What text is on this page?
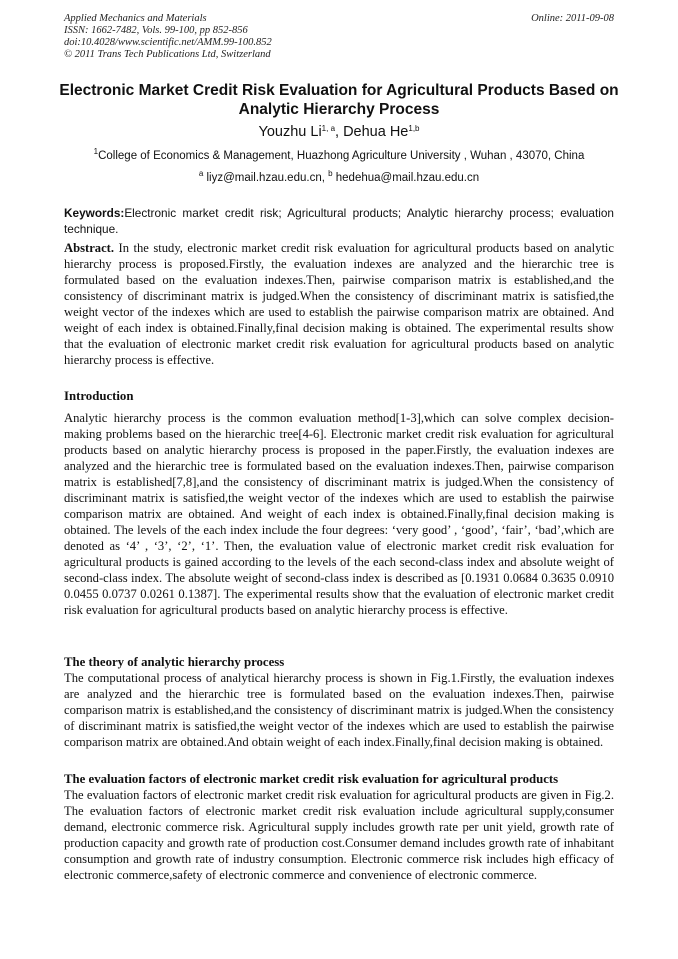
Applied Mechanics and Materials
ISSN: 1662-7482, Vols. 99-100, pp 852-856
doi:10.4028/www.scientific.net/AMM.99-100.852
© 2011 Trans Tech Publications Ltd, Switzerland
Online: 2011-09-08
Electronic Market Credit Risk Evaluation for Agricultural Products Based on Analytic Hierarchy Process
Youzhu Li$^{1, a}$, Dehua He$^{1,b}$
$^1$College of Economics & Management, Huazhong Agriculture University , Wuhan , 43070, China
$^a$ liyz@mail.hzau.edu.cn, $^b$ hedehua@mail.hzau.edu.cn
Keywords:Electronic market credit risk; Agricultural products; Analytic hierarchy process; evaluation technique.
Abstract. In the study, electronic market credit risk evaluation for agricultural products based on analytic hierarchy process is proposed.Firstly, the evaluation indexes are analyzed and the hierarchic tree is formulated based on the evaluation indexes.Then, pairwise comparison matrix is established,and the consistency of discriminant matrix is judged.When the consistency of discriminant matrix is satisfied,the weight vector of the indexes which are used to establish the pairwise comparison matrix are obtained. And weight of each index is obtained.Finally,final decision making is obtained. The experimental results show that the evaluation of electronic market credit risk evaluation for agricultural products based on analytic hierarchy process is effective.
Introduction
Analytic hierarchy process is the common evaluation method[1-3],which can solve complex decision-making problems based on the hierarchic tree[4-6]. Electronic market credit risk evaluation for agricultural products based on analytic hierarchy process is proposed in the paper.Firstly, the evaluation indexes are analyzed and the hierarchic tree is formulated based on the evaluation indexes.Then, pairwise comparison matrix is established[7,8],and the consistency of discriminant matrix is judged.When the consistency of discriminant matrix is satisfied,the weight vector of the indexes which are used to establish the pairwise comparison matrix are obtained. And weight of each index is obtained.Finally,final decision making is obtained. The levels of the each index include the four degrees: ‘very good’ , ‘good’, ‘fair’, ‘bad’,which are denoted as ‘4’ , ‘3’, ‘2’, ‘1’. Then, the evaluation value of electronic market credit risk evaluation for agricultural products is gained according to the levels of the each second-class index and absolute weight of second-class index. The absolute weight of second-class index is described as [0.1931 0.0684 0.3635 0.0910 0.0455 0.0737 0.0261 0.1387]. The experimental results show that the evaluation of electronic market credit risk evaluation for agricultural products based on analytic hierarchy process is effective.
The theory of analytic hierarchy process
The computational process of analytical hierarchy process is shown in Fig.1.Firstly, the evaluation indexes are analyzed and the hierarchic tree is formulated based on the evaluation indexes.Then, pairwise comparison matrix is established,and the consistency of discriminant matrix is judged.When the consistency of discriminant matrix is satisfied,the weight vector of the indexes which are used to establish the pairwise comparison matrix are obtained.And obtain weight of each index.Finally,final decision making is obtained.
The evaluation factors of electronic market credit risk evaluation for agricultural products
The evaluation factors of electronic market credit risk evaluation for agricultural products are given in Fig.2. The evaluation factors of electronic market credit risk evaluation include agricultural supply,consumer demand, electronic commerce risk. Agricultural supply includes growth rate per unit yield, growth rate of production capacity and growth rate of production cost.Consumer demand includes growth rate of inhabitant consumption and growth rate of industry consumption. Electronic commerce risk includes high efficacy of electronic commerce,safety of electronic commerce and convenience of electronic commerce.
